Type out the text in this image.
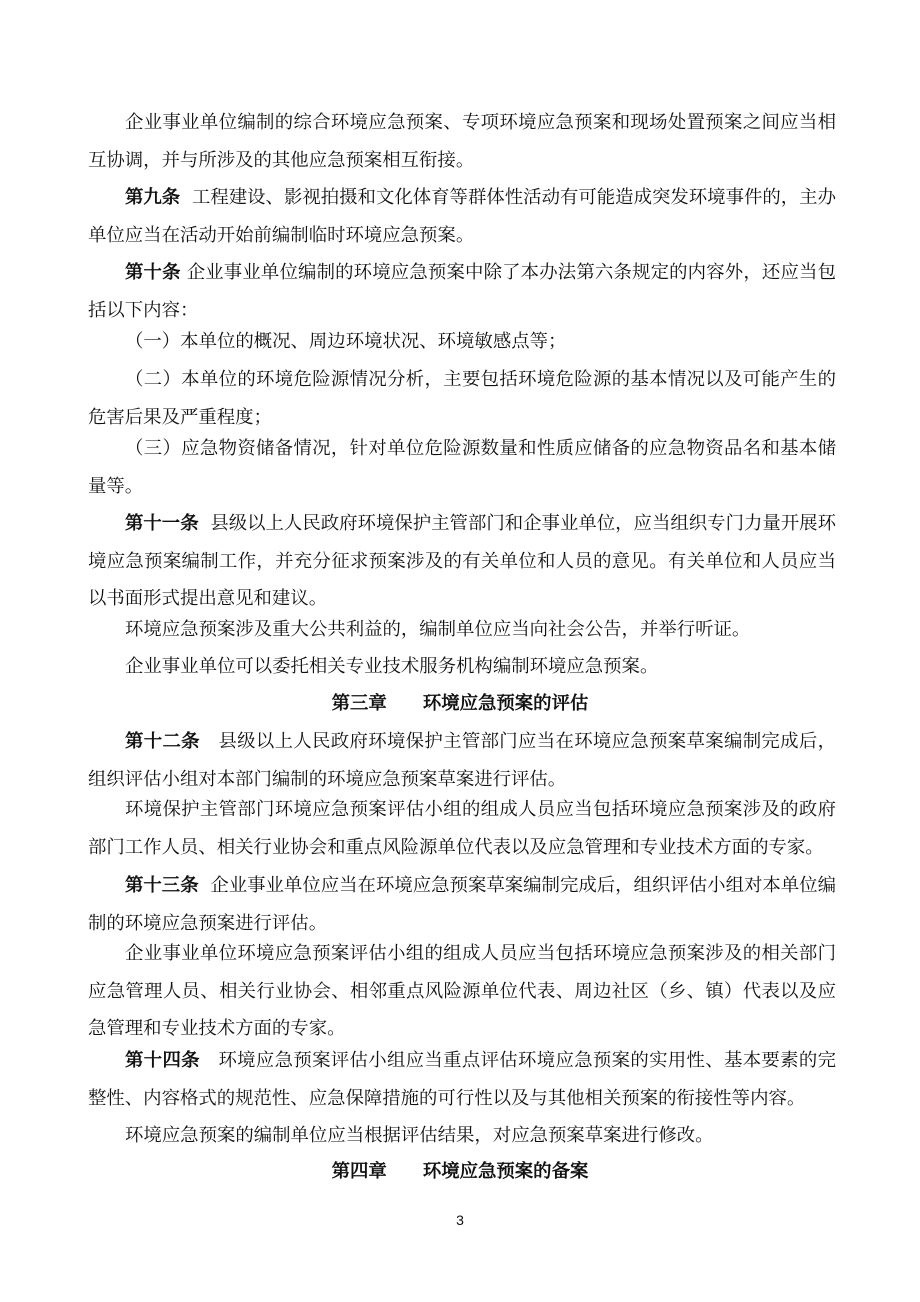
企业事业单位编制的综合环境应急预案、专项环境应急预案和现场处置预案之间应当相互协调，并与所涉及的其他应急预案相互衔接。
第九条 工程建设、影视拍摄和文化体育等群体性活动有可能造成突发环境事件的，主办单位应当在活动开始前编制临时环境应急预案。
第十条 企业事业单位编制的环境应急预案中除了本办法第六条规定的内容外，还应当包括以下内容：
（一）本单位的概况、周边环境状况、环境敏感点等；
（二）本单位的环境危险源情况分析，主要包括环境危险源的基本情况以及可能产生的危害后果及严重程度；
（三）应急物资储备情况，针对单位危险源数量和性质应储备的应急物资品名和基本储量等。
第十一条 县级以上人民政府环境保护主管部门和企事业单位，应当组织专门力量开展环境应急预案编制工作，并充分征求预案涉及的有关单位和人员的意见。有关单位和人员应当以书面形式提出意见和建议。
环境应急预案涉及重大公共利益的，编制单位应当向社会公告，并举行听证。
企业事业单位可以委托相关专业技术服务机构编制环境应急预案。
第三章 环境应急预案的评估
第十二条 县级以上人民政府环境保护主管部门应当在环境应急预案草案编制完成后，组织评估小组对本部门编制的环境应急预案草案进行评估。
环境保护主管部门环境应急预案评估小组的组成人员应当包括环境应急预案涉及的政府部门工作人员、相关行业协会和重点风险源单位代表以及应急管理和专业技术方面的专家。
第十三条 企业事业单位应当在环境应急预案草案编制完成后，组织评估小组对本单位编制的环境应急预案进行评估。
企业事业单位环境应急预案评估小组的组成人员应当包括环境应急预案涉及的相关部门应急管理人员、相关行业协会、相邻重点风险源单位代表、周边社区（乡、镇）代表以及应急管理和专业技术方面的专家。
第十四条 环境应急预案评估小组应当重点评估环境应急预案的实用性、基本要素的完整性、内容格式的规范性、应急保障措施的可行性以及与其他相关预案的衔接性等内容。
环境应急预案的编制单位应当根据评估结果，对应急预案草案进行修改。
第四章 环境应急预案的备案
3
